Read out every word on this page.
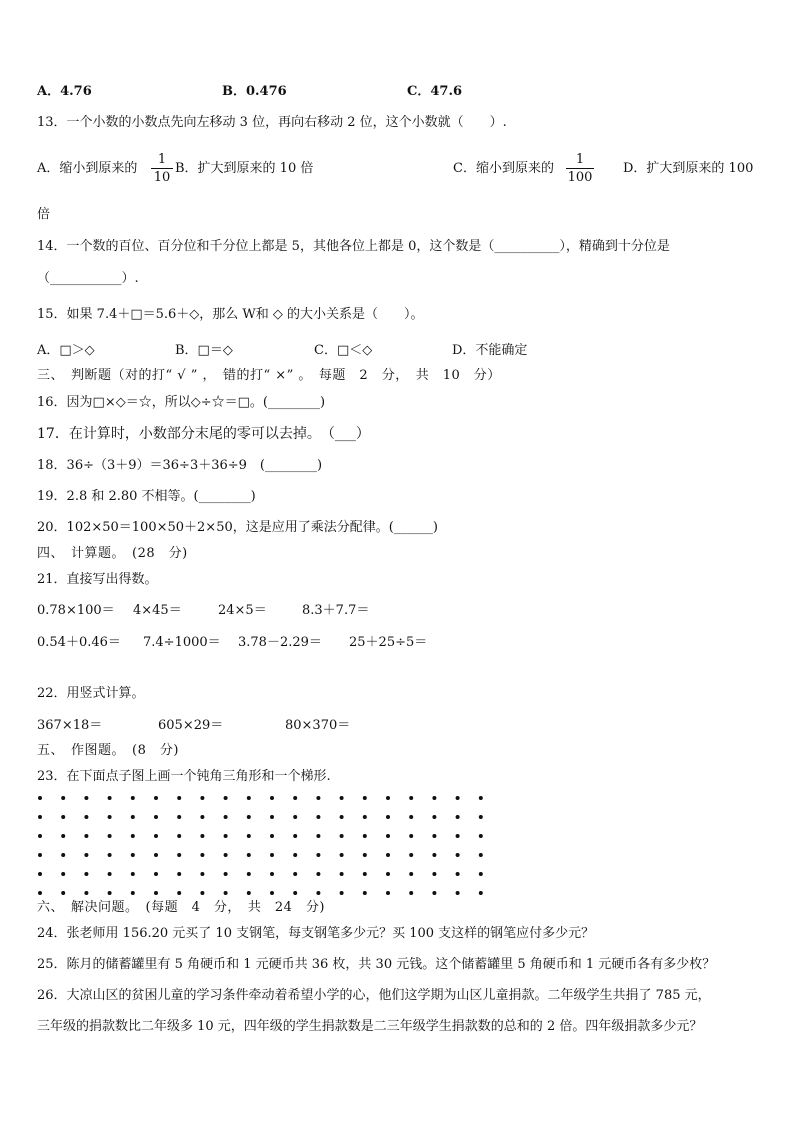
A．4.76	B．0.476	C．47.6
13．一个小数的小数点先向左移动 3 位，再向右移动 2 位，这个小数就（　　）.
A．缩小到原来的
1
10
B．扩大到原来的 10 倍	C．缩小到原来的
1
100
D．扩大到原来的 100
倍
14．一个数的百位、百分位和千分位上都是 5，其他各位上都是 0，这个数是（__________），精确到十分位是
（___________）.
15．如果 7.4＋□＝5.6＋◇，那么 W和 ◇ 的大小关系是（　　）。
A．□＞◇	B．□＝◇	C．□＜◇	D．不能确定
三、　判断题（对的打“ √ ” ，　错的打“ ×” 。　每题　2　分，　共　10　分）
16．因为□×◇＝☆，所以◇÷☆＝□。(________)
17．在计算时，小数部分末尾的零可以去掉。　（___）
18．36÷（3＋9）＝36÷3＋36÷9　(________)
19．2.8 和 2.80 不相等。(________)
20．102×50＝100×50＋2×50，这是应用了乘法分配律。(______)
四、　计算题。　(28　分)
21．直接写出得数。
0.78×100＝ 4×45＝	24×5＝	8.3＋7.7＝
0.54＋0.46＝ 7.4÷1000＝ 3.78－2.29＝ 25＋25÷5＝
22．用竖式计算。
367×18＝	605×29＝	80×370＝
五、　作图题。　(8　分)
23．在下面点子图上画一个钝角三角形和一个梯形.
六、　解决问题。　(每题　4　分，　共　24　分)
24．张老师用 156.20 元买了 10 支钢笔，每支钢笔多少元？买 100 支这样的钢笔应付多少元？
25．陈月的储蓄罐里有 5 角硬币和 1 元硬币共 36 枚，共 30 元钱。这个储蓄罐里 5 角硬币和 1 元硬币各有多少枚？
26．大凉山区的贫困儿童的学习条件牵动着希望小学的心，他们这学期为山区儿童捐款。二年级学生共捐了 785 元，
三年级的捐款数比二年级多 10 元，四年级的学生捐款数是二三年级学生捐款数的总和的 2 倍。四年级捐款多少元？
